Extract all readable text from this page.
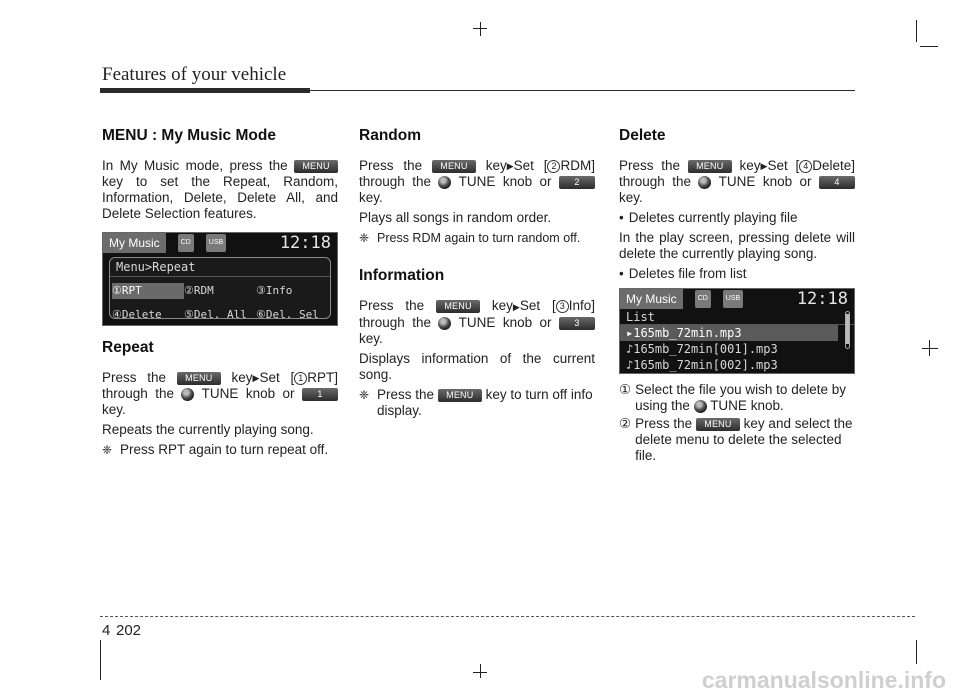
Features of your vehicle
MENU : My Music Mode

In My Music mode, press the MENU key to set the Repeat, Random, Information, Delete, Delete All, and Delete Selection features.

My Music	CD	USB	12:18
Menu>Repeat
①RPT	②RDM	③Info
④Delete	⑤Del. All ⑥Del. Sel
Repeat

Press the MENU key▶Set [ 1 RPT] through the TUNE knob or	1 RPT key.

Repeats the currently playing song.

❈ Press RPT again to turn repeat off.
Random

Press the MENU key▶Set [ 2 RDM] through the TUNE knob or	2 RDM key.

Plays all songs in random order.

❈ Press RDM again to turn random off.
Information

Press the MENU key▶Set [ 3 Info] through the TUNE knob or	3 key.

Displays information of the current song.

❈ Press the MENU key to turn off info display.
Delete

Press the MENU key▶Set [ 4 Delete] through the TUNE knob or	4 key.

• Deletes currently playing file

In the play screen, pressing delete will delete the currently playing song.

• Deletes file from list
My Music	CD	USB	12:18
List
▸165mb_72min.mp3
♪165mb_72min[001].mp3
♪165mb_72min[002].mp3
① Select the file you wish to delete by using the TUNE knob.
② Press the MENU key and select the delete menu to delete the selected file.
4 202
carmanualsonline.info
